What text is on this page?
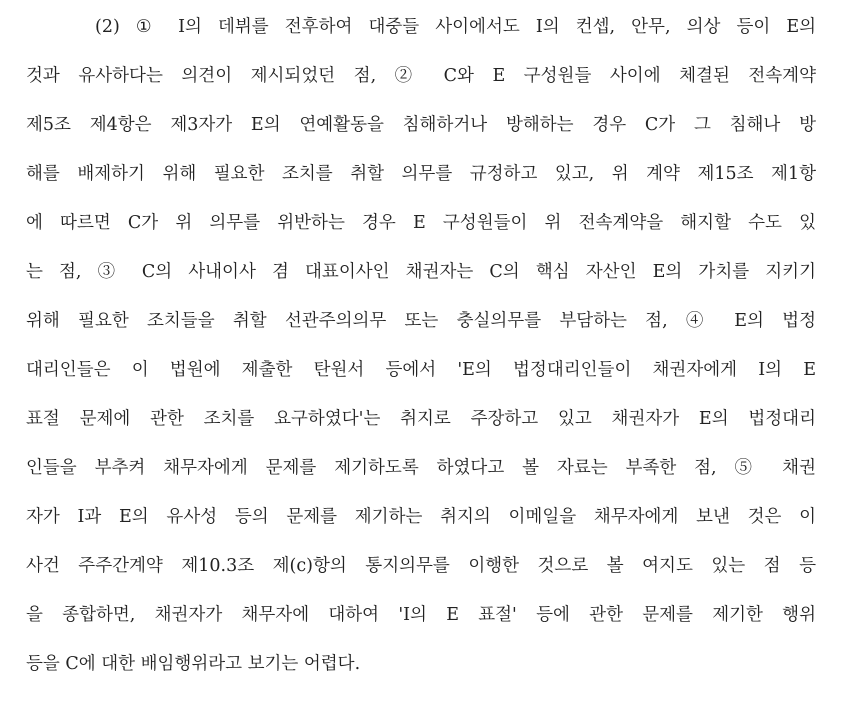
(2) ① I의 데뷔를 전후하여 대중들 사이에서도 I의 컨셉, 안무, 의상 등이 E의
것과 유사하다는 의견이 제시되었던 점, ② C와 E 구성원들 사이에 체결된 전속계약
제5조 제4항은 제3자가 E의 연예활동을 침해하거나 방해하는 경우 C가 그 침해나 방
해를 배제하기 위해 필요한 조치를 취할 의무를 규정하고 있고, 위 계약 제15조 제1항
에 따르면 C가 위 의무를 위반하는 경우 E 구성원들이 위 전속계약을 해지할 수도 있
는 점, ③ C의 사내이사 겸 대표이사인 채권자는 C의 핵심 자산인 E의 가치를 지키기
위해 필요한 조치들을 취할 선관주의의무 또는 충실의무를 부담하는 점, ④ E의 법정
대리인들은 이 법원에 제출한 탄원서 등에서 'E의 법정대리인들이 채권자에게 I의 E
표절 문제에 관한 조치를 요구하였다'는 취지로 주장하고 있고 채권자가 E의 법정대리
인들을 부추켜 채무자에게 문제를 제기하도록 하였다고 볼 자료는 부족한 점, ⑤ 채권
자가 I과 E의 유사성 등의 문제를 제기하는 취지의 이메일을 채무자에게 보낸 것은 이
사건 주주간계약 제10.3조 제(c)항의 통지의무를 이행한 것으로 볼 여지도 있는 점 등
을 종합하면, 채권자가 채무자에 대하여 'I의 E 표절' 등에 관한 문제를 제기한 행위
등을 C에 대한 배임행위라고 보기는 어렵다.
